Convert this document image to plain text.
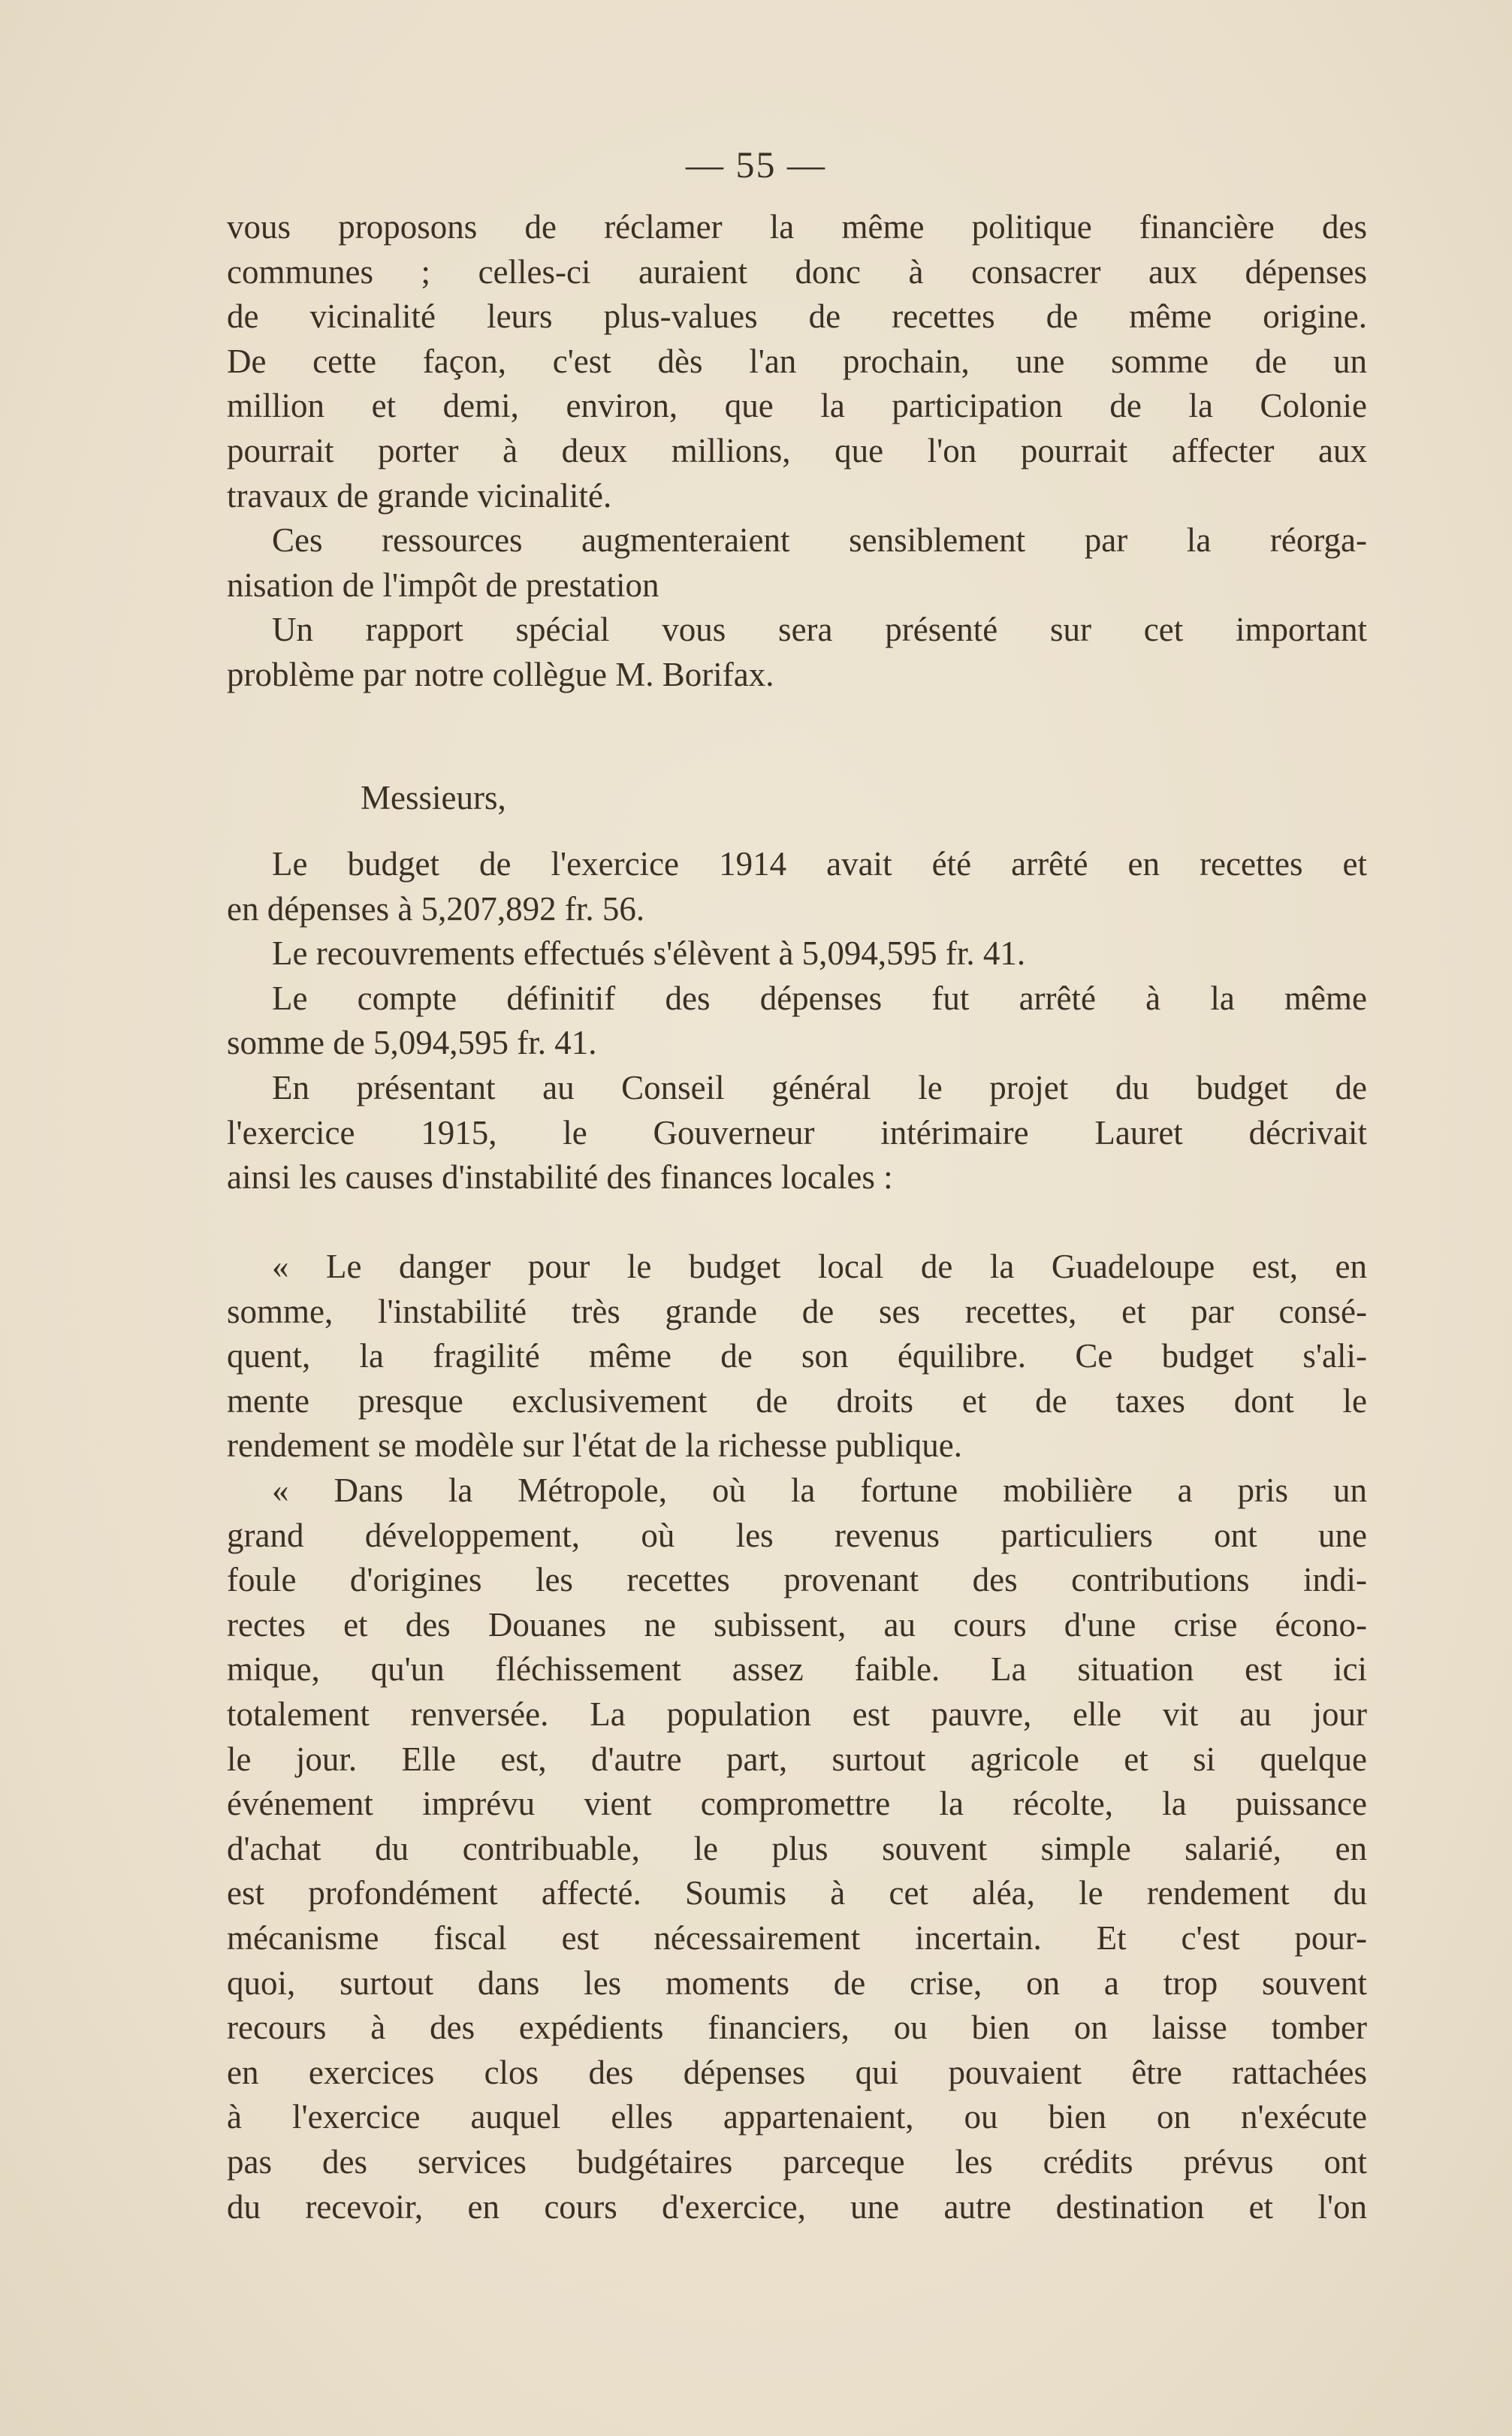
— 55 —
vous proposons de réclamer la même politique financière des
communes ; celles-ci auraient donc à consacrer aux dépenses
de vicinalité leurs plus-values de recettes de même origine.
De cette façon, c'est dès l'an prochain, une somme de un
million et demi, environ, que la participation de la Colonie
pourrait porter à deux millions, que l'on pourrait affecter aux
travaux de grande vicinalité.
Ces ressources augmenteraient sensiblement par la réorga-
nisation de l'impôt de prestation
Un rapport spécial vous sera présenté sur cet important
problème par notre collègue M. Borifax.
Messieurs,
Le budget de l'exercice 1914 avait été arrêté en recettes et
en dépenses à 5,207,892 fr. 56.
Le recouvrements effectués s'élèvent à 5,094,595 fr. 41.
Le compte définitif des dépenses fut arrêté à la même
somme de 5,094,595 fr. 41.
En présentant au Conseil général le projet du budget de
l'exercice 1915, le Gouverneur intérimaire Lauret décrivait
ainsi les causes d'instabilité des finances locales :
« Le danger pour le budget local de la Guadeloupe est, en
somme, l'instabilité très grande de ses recettes, et par consé-
quent, la fragilité même de son équilibre. Ce budget s'ali-
mente presque exclusivement de droits et de taxes dont le
rendement se modèle sur l'état de la richesse publique.
« Dans la Métropole, où la fortune mobilière a pris un
grand développement, où les revenus particuliers ont une
foule d'origines les recettes provenant des contributions indi-
rectes et des Douanes ne subissent, au cours d'une crise écono-
mique, qu'un fléchissement assez faible. La situation est ici
totalement renversée. La population est pauvre, elle vit au jour
le jour. Elle est, d'autre part, surtout agricole et si quelque
événement imprévu vient compromettre la récolte, la puissance
d'achat du contribuable, le plus souvent simple salarié, en
est profondément affecté. Soumis à cet aléa, le rendement du
mécanisme fiscal est nécessairement incertain. Et c'est pour-
quoi, surtout dans les moments de crise, on a trop souvent
recours à des expédients financiers, ou bien on laisse tomber
en exercices clos des dépenses qui pouvaient être rattachées
à l'exercice auquel elles appartenaient, ou bien on n'exécute
pas des services budgétaires parceque les crédits prévus ont
du recevoir, en cours d'exercice, une autre destination et l'on
